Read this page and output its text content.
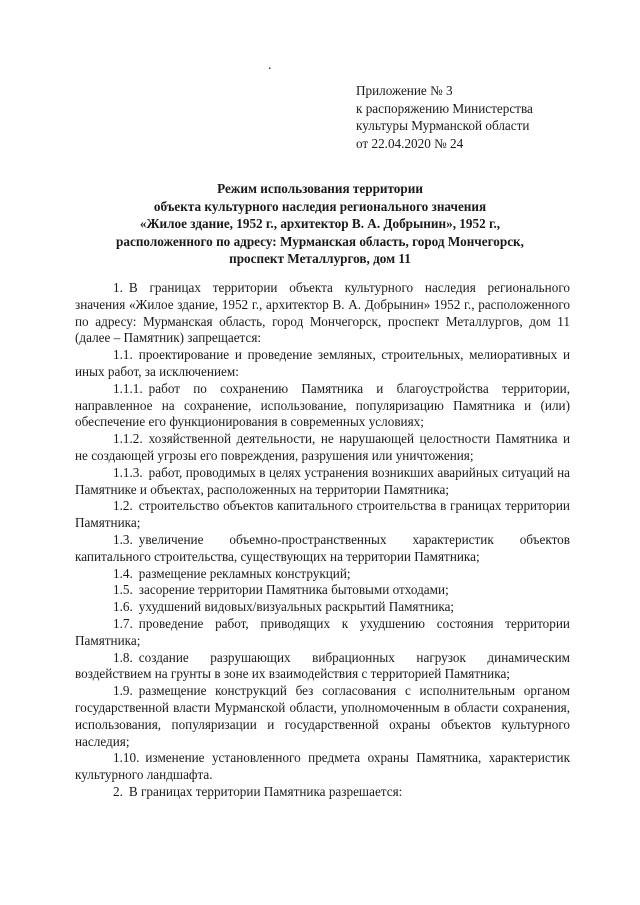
.
Приложение № 3
к распоряжению Министерства
культуры Мурманской области
от 22.04.2020 № 24
Режим использования территории
объекта культурного наследия регионального значения
«Жилое здание, 1952 г., архитектор В. А. Добрынин», 1952 г.,
расположенного по адресу: Мурманская область, город Мончегорск,
проспект Металлургов, дом 11

1. В границах территории объекта культурного наследия регионального значения «Жилое здание, 1952 г., архитектор В. А. Добрынин» 1952 г., расположенного по адресу: Мурманская область, город Мончегорск, проспект Металлургов, дом 11 (далее – Памятник) запрещается:

1.1. проектирование и проведение земляных, строительных, мелиоративных и иных работ, за исключением:

1.1.1. работ по сохранению Памятника и благоустройства территории, направленное на сохранение, использование, популяризацию Памятника и (или) обеспечение его функционирования в современных условиях;

1.1.2. хозяйственной деятельности, не нарушающей целостности Памятника и не создающей угрозы его повреждения, разрушения или уничтожения;

1.1.3. работ, проводимых в целях устранения возникших аварийных ситуаций на Памятнике и объектах, расположенных на территории Памятника;

1.2. строительство объектов капитального строительства в границах территории Памятника;

1.3. увеличение объемно-пространственных характеристик объектов капитального строительства, существующих на территории Памятника;

1.4. размещение рекламных конструкций;

1.5. засорение территории Памятника бытовыми отходами;

1.6. ухудшений видовых/визуальных раскрытий Памятника;

1.7. проведение работ, приводящих к ухудшению состояния территории Памятника;

1.8. создание разрушающих вибрационных нагрузок динамическим воздействием на грунты в зоне их взаимодействия с территорией Памятника;

1.9. размещение конструкций без согласования с исполнительным органом государственной власти Мурманской области, уполномоченным в области сохранения, использования, популяризации и государственной охраны объектов культурного наследия;

1.10. изменение установленного предмета охраны Памятника, характеристик культурного ландшафта.

2. В границах территории Памятника разрешается:
